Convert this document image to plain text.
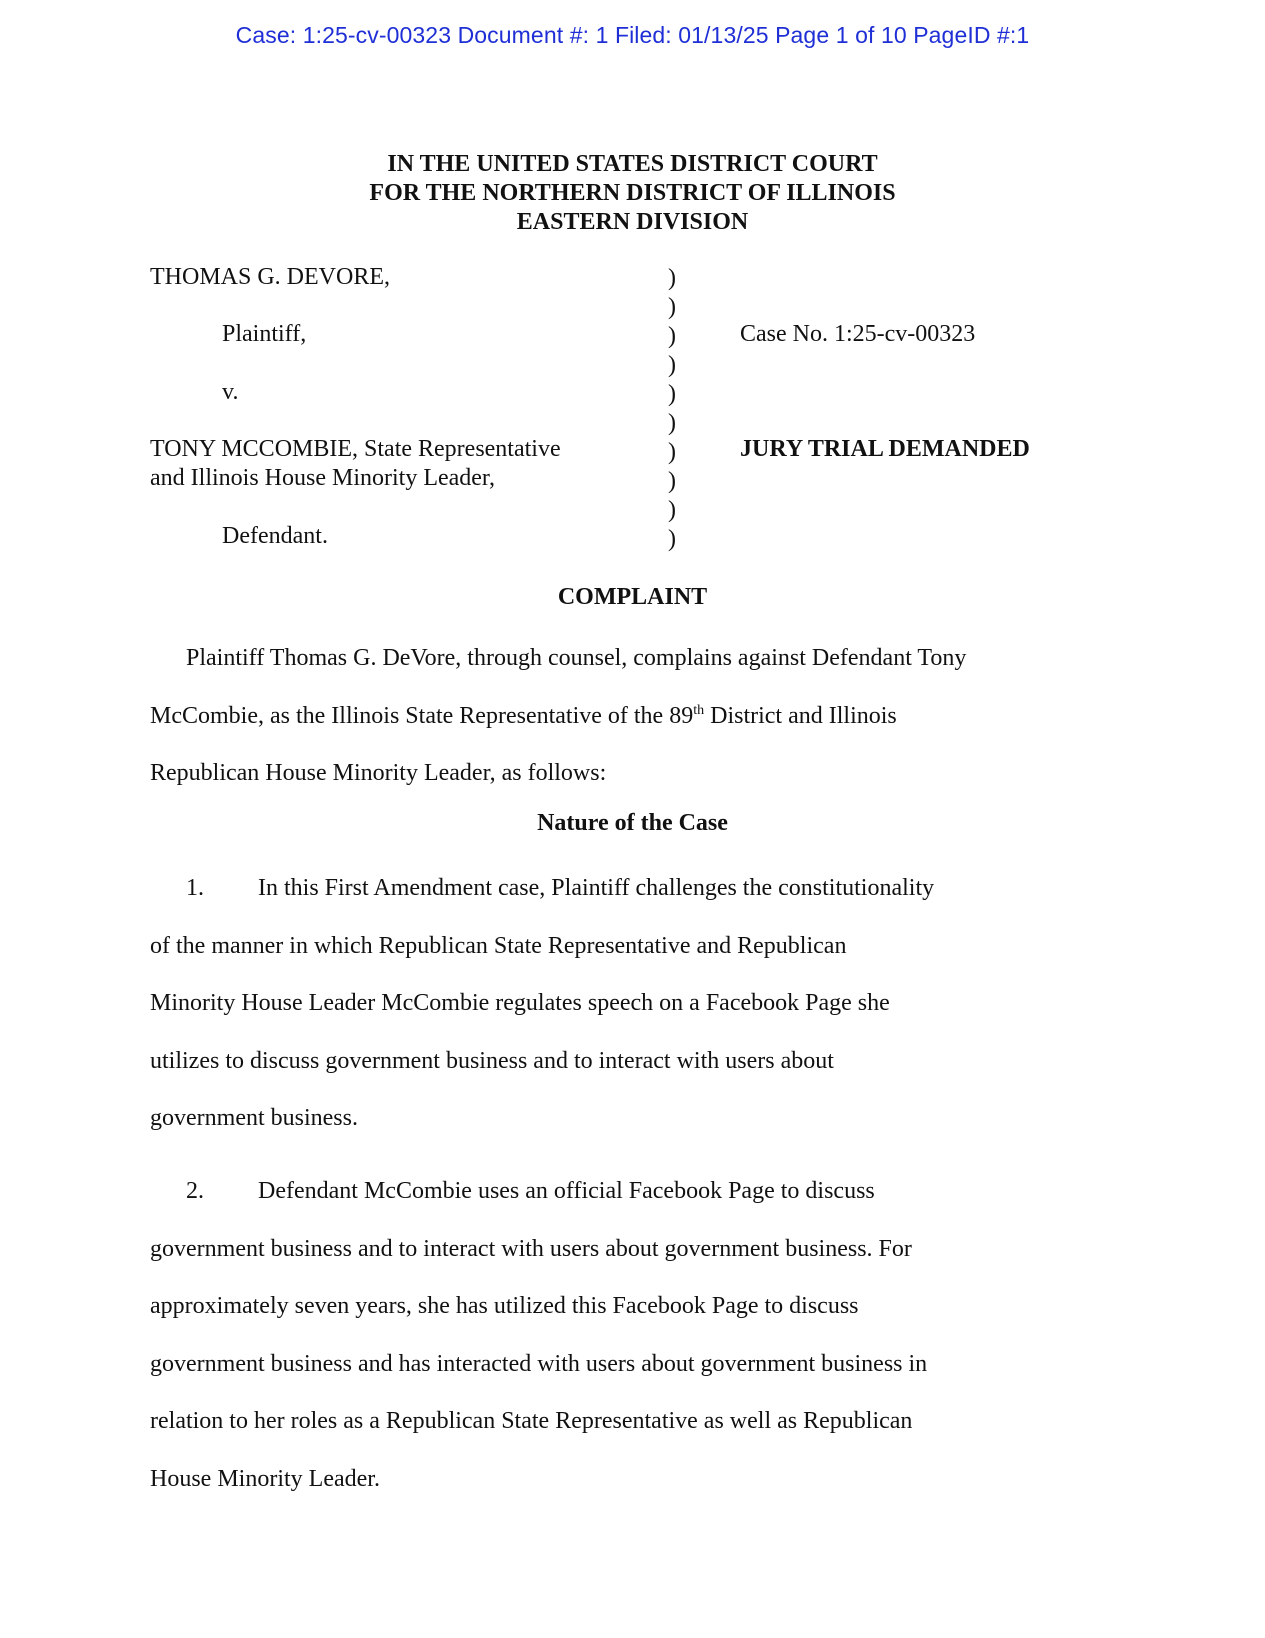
Case: 1:25-cv-00323 Document #: 1 Filed: 01/13/25 Page 1 of 10 PageID #:1
IN THE UNITED STATES DISTRICT COURT
FOR THE NORTHERN DISTRICT OF ILLINOIS
EASTERN DIVISION
THOMAS G. DEVORE,
Plaintiff,
v.
TONY MCCOMBIE, State Representative
and Illinois House Minority Leader,
Defendant.
)
)
)
)
)
)
)
)
)
)
Case No. 1:25-cv-00323
JURY TRIAL DEMANDED
COMPLAINT
Plaintiff Thomas G. DeVore, through counsel, complains against Defendant Tony
McCombie, as the Illinois State Representative of the 89th District and Illinois
Republican House Minority Leader, as follows:
Nature of the Case
1. In this First Amendment case, Plaintiff challenges the constitutionality
of the manner in which Republican State Representative and Republican
Minority House Leader McCombie regulates speech on a Facebook Page she
utilizes to discuss government business and to interact with users about
government business.
2. Defendant McCombie uses an official Facebook Page to discuss
government business and to interact with users about government business. For
approximately seven years, she has utilized this Facebook Page to discuss
government business and has interacted with users about government business in
relation to her roles as a Republican State Representative as well as Republican
House Minority Leader.
